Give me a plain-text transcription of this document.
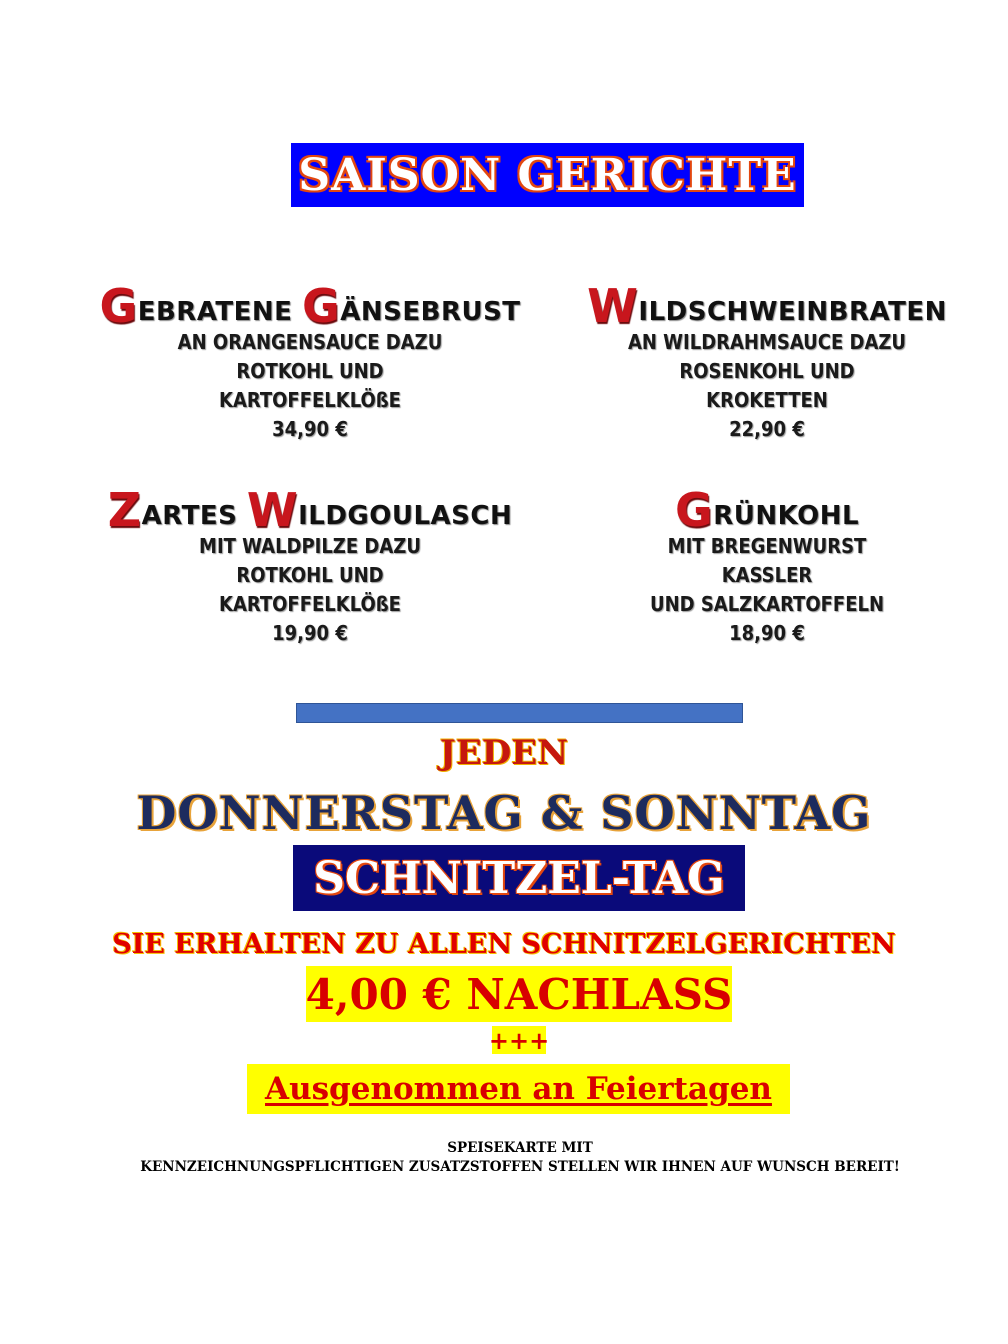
SAISON GERICHTE
GEBRATENE GÄNSEBRUST
AN ORANGENSAUCE DAZU
ROTKOHL UND
KARTOFFELKLÖßE
34,90 €
WILDSCHWEINBRATEN
AN WILDRAHMSAUCE DAZU
ROSENKOHL UND
KROKETTEN
22,90 €
ZARTES WILDGOULASCH
MIT WALDPILZE DAZU
ROTKOHL UND
KARTOFFELKLÖßE
19,90 €
GRÜNKOHL
MIT BREGENWURST
KASSLER
UND SALZKARTOFFELN
18,90 €
JEDEN
DONNERSTAG & SONNTAG
SCHNITZEL-TAG
SIE ERHALTEN ZU ALLEN SCHNITZELGERICHTEN
4,00 € NACHLASS
+++
Ausgenommen an Feiertagen
SPEISEKARTE MIT
KENNZEICHNUNGSPFLICHTIGEN ZUSATZSTOFFEN STELLEN WIR IHNEN AUF WUNSCH BEREIT!
